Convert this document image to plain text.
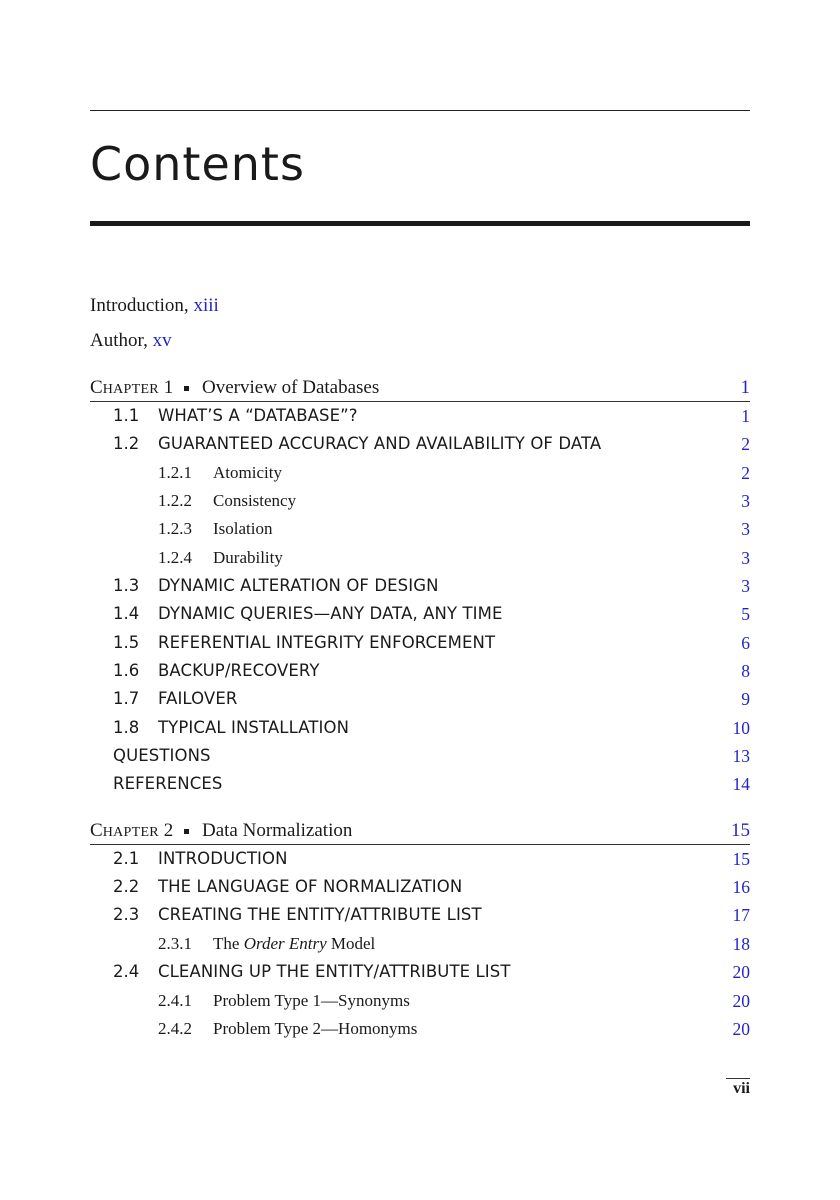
Contents
Introduction, xiii
Author, xv
CHAPTER 1 Overview of Databases	1
1.1 WHAT’S A “DATABASE”?	1
1.2 GUARANTEED ACCURACY AND AVAILABILITY OF DATA	2
1.2.1 Atomicity	2
1.2.2 Consistency	3
1.2.3 Isolation	3
1.2.4 Durability	3
1.3 DYNAMIC ALTERATION OF DESIGN	3
1.4 DYNAMIC QUERIES—ANY DATA, ANY TIME	5
1.5 REFERENTIAL INTEGRITY ENFORCEMENT	6
1.6 BACKUP/RECOVERY	8
1.7 FAILOVER	9
1.8 TYPICAL INSTALLATION	10
QUESTIONS	13
REFERENCES	14
CHAPTER 2 Data Normalization	15
2.1 INTRODUCTION	15
2.2 THE LANGUAGE OF NORMALIZATION	16
2.3 CREATING THE ENTITY/ATTRIBUTE LIST	17
2.3.1 The Order Entry Model	18
2.4 CLEANING UP THE ENTITY/ATTRIBUTE LIST	20
2.4.1 Problem Type 1—Synonyms	20
2.4.2 Problem Type 2—Homonyms	20
vii
